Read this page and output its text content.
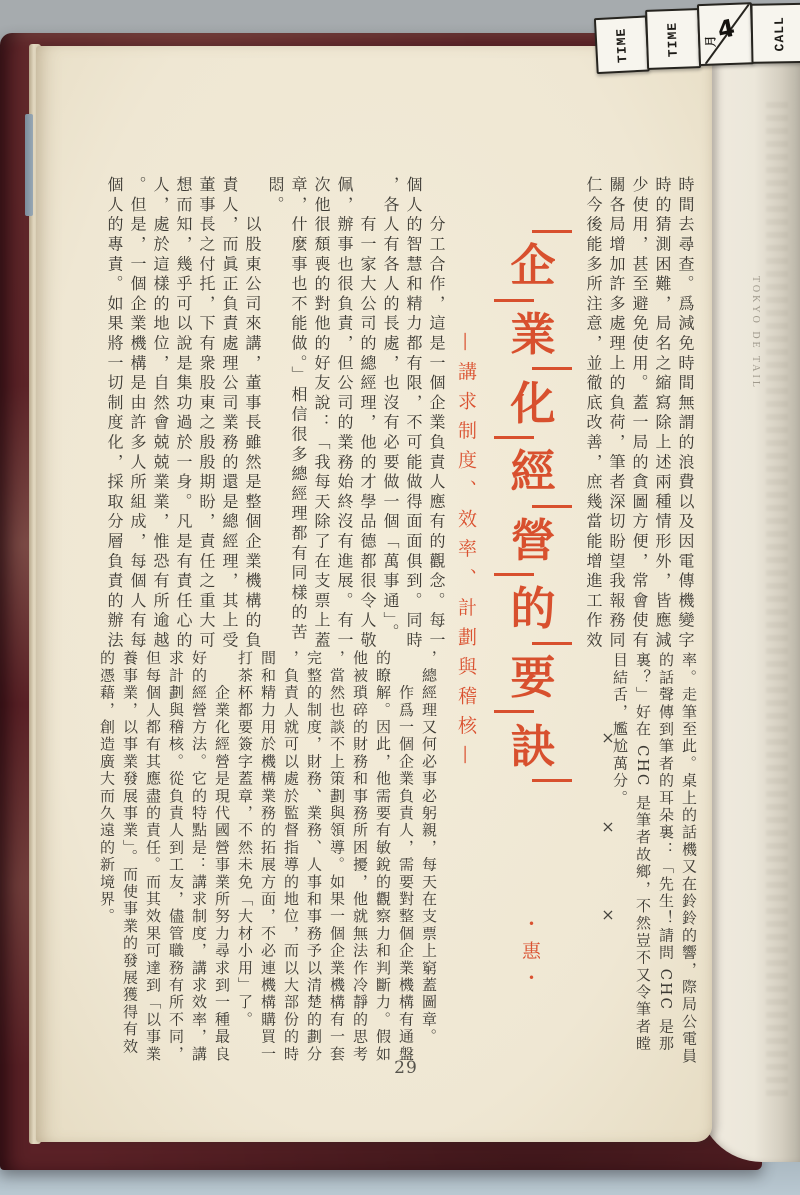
TOKYO DE TAIL
時間去尋查。爲減免時間無謂的浪費以及因電傳機變字
時的猜測困難，局名之縮寫除上述兩種情形外，皆應減
少使用，甚至避免使用。蓋一局的貪圖方便，常會使有
關各局增加許多處理上的負荷，筆者深切盼望我報務同
仁今後能多所注意，並徹底改善，庶幾當能增進工作效
企
業
化
經
營
的
要
訣
—講求制度、效率、計劃與稽核—
・惠・
　　分工合作，這是一個企業負責人應有的觀念。每一
個人的智慧和精力都有限，不可能做得面面俱到。同時
，各人有各人的長處，也沒有必要做一個「萬事通」。
　　有一家大公司的總經理，他的才學品德都很令人敬
佩，辦事也很負責，但公司的業務始終沒有進展。有一
次他很頹喪的對他的好友說：「我每天除了在支票上蓋
章，什麼事也不能做。」相信很多總經理都有同樣的苦
悶。
　　以股東公司來講，董事長雖然是整個企業機構的負
責人，而眞正負責處理公司業務的還是總經理，其上受
董事長之付托，下有衆股東之殷殷期盼，責任之重大可
想而知，幾乎可以說是集功過於一身。凡是有責任心的
人，處於這樣的地位，自然會兢兢業業，惟恐有所逾越
。但是，一個企業機構是由許多人所組成，每個人有每
個人的專責。如果將一切制度化，採取分層負責的辦法
率。走筆至此。桌上的話機又在鈴鈴的響，際局公電員
的話聲傳到筆者的耳朵裏：「先生！請問 CHC 是那
裏？」好在 CHC 是筆者故鄉，不然豈不又令筆者瞠
目結舌，尷尬萬分。
×
×
×
，總經理又何必事必躬親，每天在支票上窮蓋圖章。
　　作爲一個企業負責人，需要對整個企業機構有通盤
的瞭解。因此，他需要有敏銳的觀察力和判斷力。假如
他被瑣碎的財務和事務所困擾，他就無法作冷靜的思考
，當然也談不上策劃與領導。如果一個企業機構有一套
完整的制度，財務、業務、人事和事務予以清楚的劃分
，負責人就可以處於監督指導的地位，而以大部份的時
間和精力用於機構業務的拓展方面，不必連機構購買一
打茶杯都要簽字蓋章，不然未免「大材小用」了。
　　企業化經營是現代國營事業所努力尋求到一種最良
好的經營方法。它的特點是：講求制度，講求效率，講
求計劃與稽核。從負責人到工友，儘管職務有所不同，
但每個人都有其應盡的責任。而其效果可達到「以事業
養事業，以事業發展事業」。而使事業的發展獲得有效
的憑藉，創造廣大而久遠的新境界。
29
TIME	TIME 月
4	CALL
